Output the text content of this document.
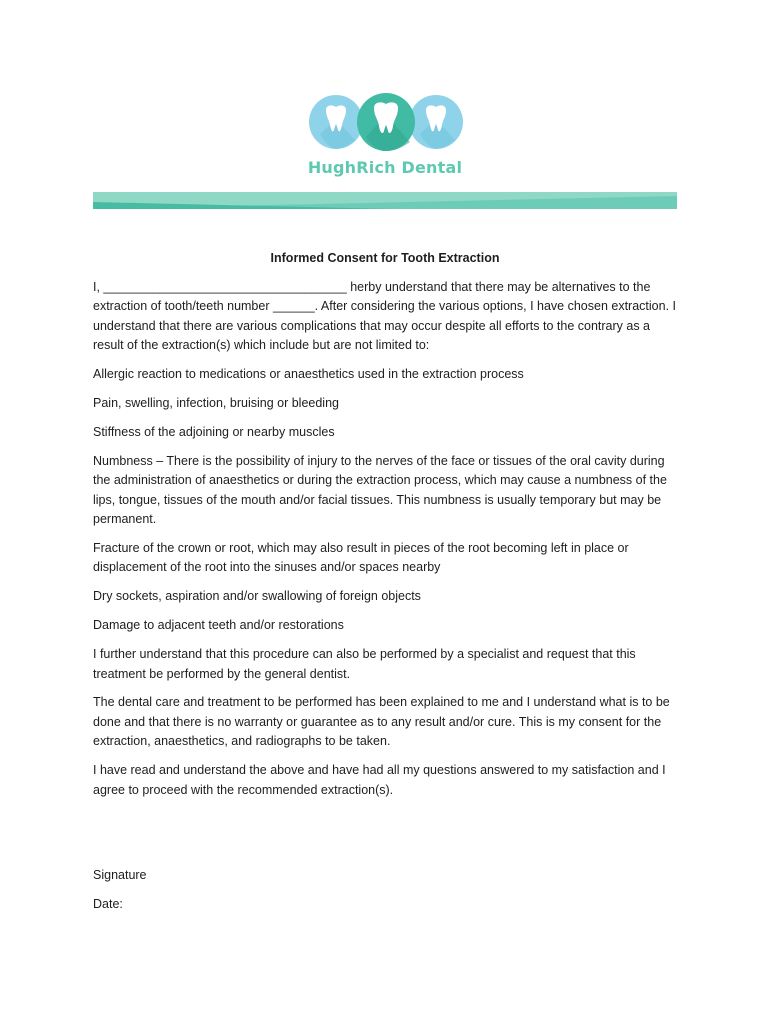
HughRich Dental
Informed Consent for Tooth Extraction

I, ___________________________________ herby understand that there may be alternatives to the extraction of tooth/teeth number ______. After considering the various options, I have chosen extraction. I understand that there are various complications that may occur despite all efforts to the contrary as a result of the extraction(s) which include but are not limited to:

Allergic reaction to medications or anaesthetics used in the extraction process

Pain, swelling, infection, bruising or bleeding

Stiffness of the adjoining or nearby muscles

Numbness – There is the possibility of injury to the nerves of the face or tissues of the oral cavity during the administration of anaesthetics or during the extraction process, which may cause a numbness of the lips, tongue, tissues of the mouth and/or facial tissues. This numbness is usually temporary but may be permanent.

Fracture of the crown or root, which may also result in pieces of the root becoming left in place or displacement of the root into the sinuses and/or spaces nearby

Dry sockets, aspiration and/or swallowing of foreign objects

Damage to adjacent teeth and/or restorations

I further understand that this procedure can also be performed by a specialist and request that this treatment be performed by the general dentist.

The dental care and treatment to be performed has been explained to me and I understand what is to be done and that there is no warranty or guarantee as to any result and/or cure. This is my consent for the extraction, anaesthetics, and radiographs to be taken.

I have read and understand the above and have had all my questions answered to my satisfaction and I agree to proceed with the recommended extraction(s).

Signature
Date:
